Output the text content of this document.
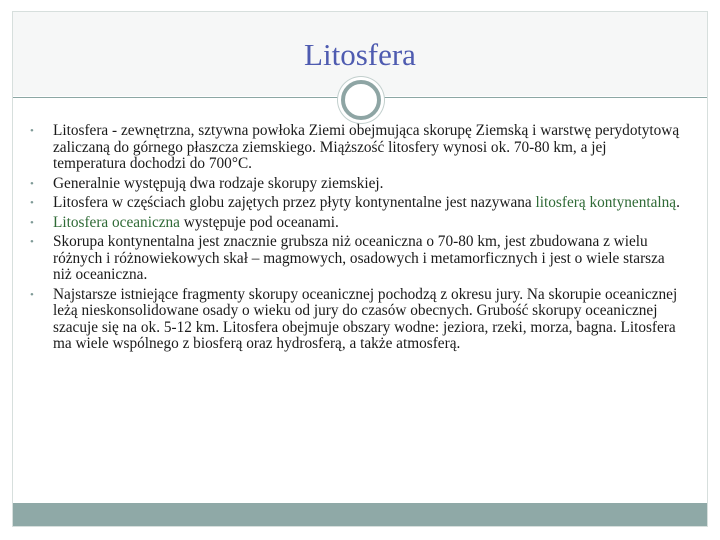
Litosfera
• Litosfera - zewnętrzna, sztywna powłoka Ziemi obejmująca skorupę Ziemską i warstwę perydotytową zaliczaną do górnego płaszcza ziemskiego. Miąższość litosfery wynosi ok. 70-80 km, a jej temperatura dochodzi do 700°C.
• Generalnie występują dwa rodzaje skorupy ziemskiej.
• Litosfera w częściach globu zajętych przez płyty kontynentalne jest nazywana litosferą kontynentalną.
• Litosfera oceaniczna występuje pod oceanami.
• Skorupa kontynentalna jest znacznie grubsza niż oceaniczna o 70-80 km, jest zbudowana z wielu różnych i różnowiekowych skał – magmowych, osadowych i metamorficznych i jest o wiele starsza niż oceaniczna.
• Najstarsze istniejące fragmenty skorupy oceanicznej pochodzą z okresu jury. Na skorupie oceanicznej leżą nieskonsolidowane osady o wieku od jury do czasów obecnych. Grubość skorupy oceanicznej szacuje się na ok. 5-12 km. Litosfera obejmuje obszary wodne: jeziora, rzeki, morza, bagna. Litosfera ma wiele wspólnego z biosferą oraz hydrosferą, a także atmosferą.
